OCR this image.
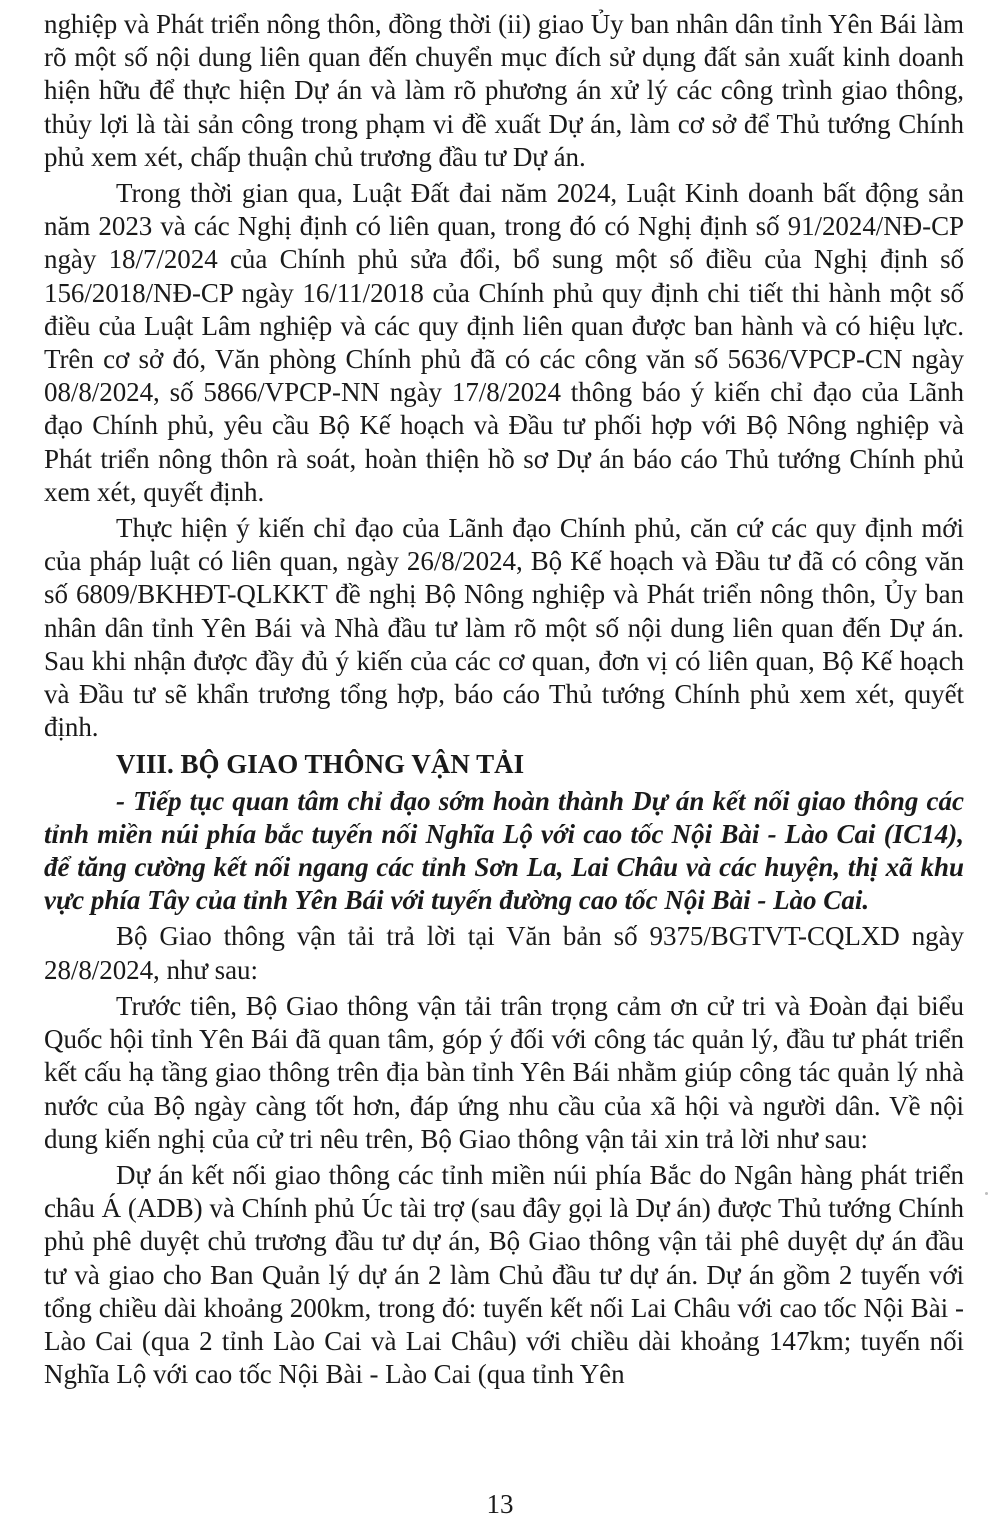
nghiệp và Phát triển nông thôn, đồng thời (ii) giao Ủy ban nhân dân tỉnh Yên Bái làm rõ một số nội dung liên quan đến chuyển mục đích sử dụng đất sản xuất kinh doanh hiện hữu để thực hiện Dự án và làm rõ phương án xử lý các công trình giao thông, thủy lợi là tài sản công trong phạm vi đề xuất Dự án, làm cơ sở để Thủ tướng Chính phủ xem xét, chấp thuận chủ trương đầu tư Dự án.

Trong thời gian qua, Luật Đất đai năm 2024, Luật Kinh doanh bất động sản năm 2023 và các Nghị định có liên quan, trong đó có Nghị định số 91/2024/NĐ-CP ngày 18/7/2024 của Chính phủ sửa đổi, bổ sung một số điều của Nghị định số 156/2018/NĐ-CP ngày 16/11/2018 của Chính phủ quy định chi tiết thi hành một số điều của Luật Lâm nghiệp và các quy định liên quan được ban hành và có hiệu lực. Trên cơ sở đó, Văn phòng Chính phủ đã có các công văn số 5636/VPCP-CN ngày 08/8/2024, số 5866/VPCP-NN ngày 17/8/2024 thông báo ý kiến chỉ đạo của Lãnh đạo Chính phủ, yêu cầu Bộ Kế hoạch và Đầu tư phối hợp với Bộ Nông nghiệp và Phát triển nông thôn rà soát, hoàn thiện hồ sơ Dự án báo cáo Thủ tướng Chính phủ xem xét, quyết định.

Thực hiện ý kiến chỉ đạo của Lãnh đạo Chính phủ, căn cứ các quy định mới của pháp luật có liên quan, ngày 26/8/2024, Bộ Kế hoạch và Đầu tư đã có công văn số 6809/BKHĐT-QLKKT đề nghị Bộ Nông nghiệp và Phát triển nông thôn, Ủy ban nhân dân tỉnh Yên Bái và Nhà đầu tư làm rõ một số nội dung liên quan đến Dự án. Sau khi nhận được đầy đủ ý kiến của các cơ quan, đơn vị có liên quan, Bộ Kế hoạch và Đầu tư sẽ khẩn trương tổng hợp, báo cáo Thủ tướng Chính phủ xem xét, quyết định.

VIII. BỘ GIAO THÔNG VẬN TẢI

- Tiếp tục quan tâm chỉ đạo sớm hoàn thành Dự án kết nối giao thông các tỉnh miền núi phía bắc tuyến nối Nghĩa Lộ với cao tốc Nội Bài - Lào Cai (IC14), để tăng cường kết nối ngang các tỉnh Sơn La, Lai Châu và các huyện, thị xã khu vực phía Tây của tỉnh Yên Bái với tuyến đường cao tốc Nội Bài - Lào Cai.

Bộ Giao thông vận tải trả lời tại Văn bản số 9375/BGTVT-CQLXD ngày 28/8/2024, như sau:

Trước tiên, Bộ Giao thông vận tải trân trọng cảm ơn cử tri và Đoàn đại biểu Quốc hội tỉnh Yên Bái đã quan tâm, góp ý đối với công tác quản lý, đầu tư phát triển kết cấu hạ tầng giao thông trên địa bàn tỉnh Yên Bái nhằm giúp công tác quản lý nhà nước của Bộ ngày càng tốt hơn, đáp ứng nhu cầu của xã hội và người dân. Về nội dung kiến nghị của cử tri nêu trên, Bộ Giao thông vận tải xin trả lời như sau:

Dự án kết nối giao thông các tỉnh miền núi phía Bắc do Ngân hàng phát triển châu Á (ADB) và Chính phủ Úc tài trợ (sau đây gọi là Dự án) được Thủ tướng Chính phủ phê duyệt chủ trương đầu tư dự án, Bộ Giao thông vận tải phê duyệt dự án đầu tư và giao cho Ban Quản lý dự án 2 làm Chủ đầu tư dự án. Dự án gồm 2 tuyến với tổng chiều dài khoảng 200km, trong đó: tuyến kết nối Lai Châu với cao tốc Nội Bài - Lào Cai (qua 2 tỉnh Lào Cai và Lai Châu) với chiều dài khoảng 147km; tuyến nối Nghĩa Lộ với cao tốc Nội Bài - Lào Cai (qua tỉnh Yên

13
